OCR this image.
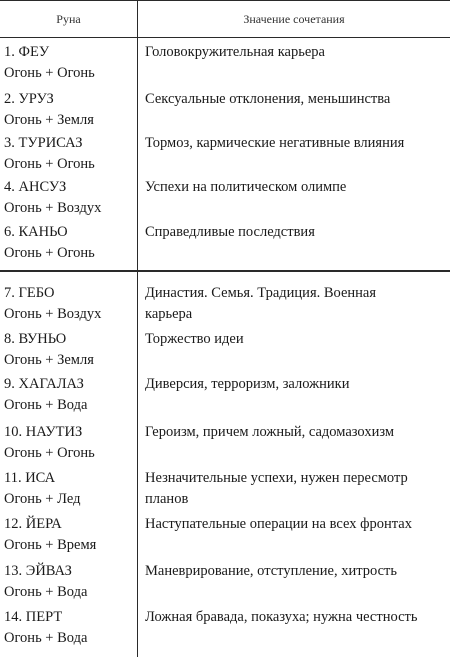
Руна	Значение сочетания
1. ФЕУ
Огонь + Огонь
Головокружительная карьера
2. УРУЗ
Огонь + Земля
Сексуальные отклонения, меньшинства
3. ТУРИСАЗ
Огонь + Огонь
Тормоз, кармические негативные влияния
4. АНСУЗ
Огонь + Воздух
Успехи на политическом олимпе
6. КАНЬО
Огонь + Огонь
Справедливые последствия
7. ГЕБО
Огонь + Воздух
Династия. Семья. Традиция. Военная
карьера
8. ВУНЬО
Огонь + Земля
Торжество идеи
9. ХАГАЛАЗ
Огонь + Вода
Диверсия, терроризм, заложники
10. НАУТИЗ
Огонь + Огонь
Героизм, причем ложный, садомазохизм
11. ИСА
Огонь + Лед
Незначительные успехи, нужен пересмотр
планов
12. ЙЕРА
Огонь + Время
Наступательные операции на всех фронтах
13. ЭЙВАЗ
Огонь + Вода
Маневрирование, отступление, хитрость
14. ПЕРТ
Огонь + Вода
Ложная бравада, показуха; нужна честность
